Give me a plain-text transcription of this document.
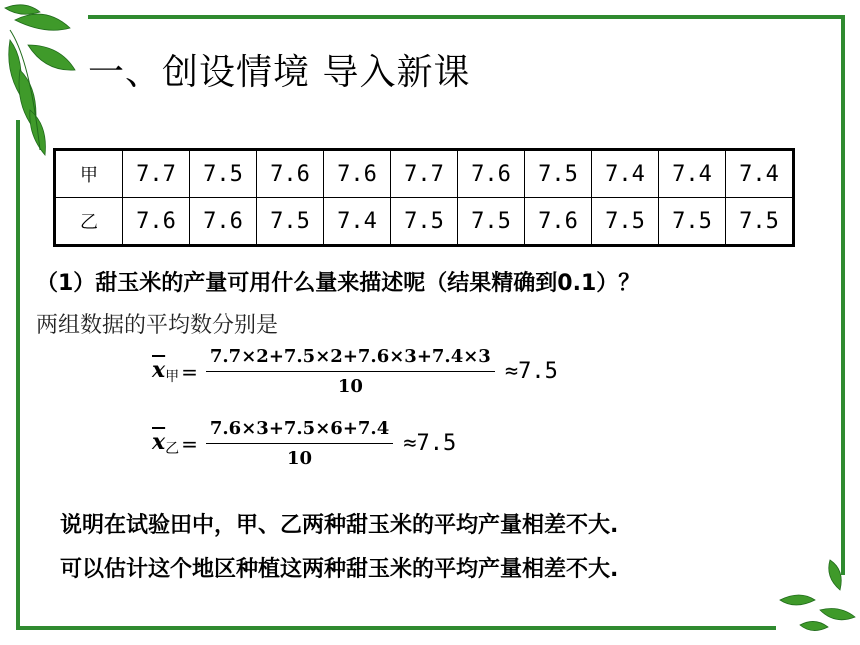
一、创设情境 导入新课
甲	7.7	7.5	7.6	7.6	7.7	7.6	7.5	7.4	7.4	7.4
乙	7.6	7.6	7.5	7.4	7.5	7.5	7.6	7.5	7.5	7.5
（1）甜玉米的产量可用什么量来描述呢（结果精确到0.1）？
两组数据的平均数分别是
$\overline{x}_甲 = \frac{7.7\times 2+7.5\times 2+7.6\times 3+7.4\times 3}{10} \approx 7.5$
$\overline{x}_乙 = \frac{7.6\times 3+7.5\times 6+7.4}{10} \approx 7.5$
说明在试验田中，甲、乙两种甜玉米的平均产量相差不大.
可以估计这个地区种植这两种甜玉米的平均产量相差不大.
